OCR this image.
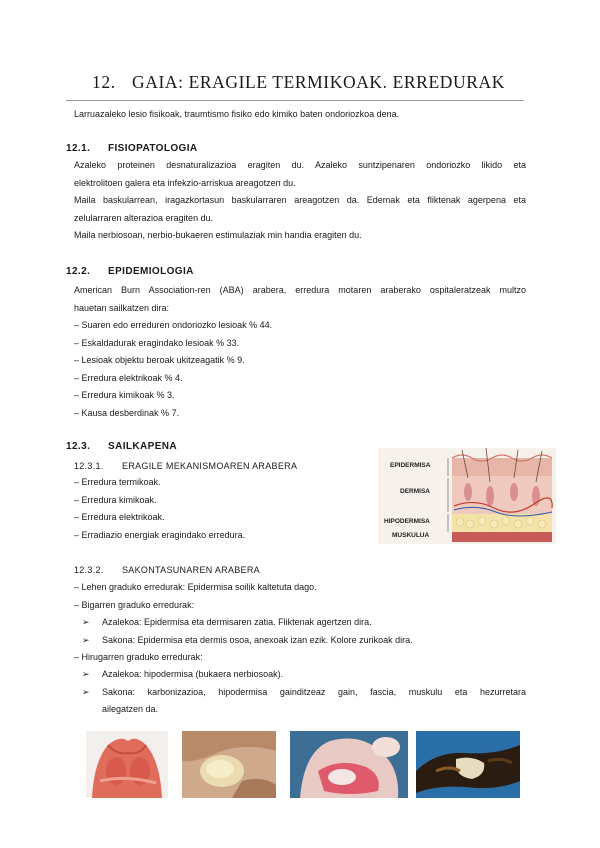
12. GAIA: ERAGILE TERMIKOAK. ERREDURAK
Larruazaleko lesio fisikoak, traumtismo fisiko edo kimiko baten ondoriozkoa dena.
12.1. FISIOPATOLOGIA

Azaleko proteinen desnaturalizazioa eragiten du. Azaleko suntzipenaren ondoriozko likido eta

elektrolitoen galera eta infekzio-arriskua areagotzen du.

Maila baskularrean, iragazkortasun baskularraren areagotzen da. Edemak eta fliktenak agerpena eta

zelularraren alterazioa eragiten du.

Maila nerbiosoan, nerbio-bukaeren estimulaziak min handia eragiten du.

12.2. EPIDEMIOLOGIA

American Burn Association-ren (ABA) arabera, erredura motaren araberako ospitaleratzeak multzo

hauetan sailkatzen dira:

– Suaren edo erreduren ondoriozko lesioak % 44.
– Eskaldadurak eragindako lesioak % 33.
– Lesioak objektu beroak ukitzeagatik % 9.
– Erredura elektrikoak % 4.
– Erredura kimikoak % 3.
– Kausa desberdinak % 7.
12.3. SAILKAPENA
12.3.1. ERAGILE MEKANISMOAREN ARABERA
– Erredura termikoak.
– Erredura kimikoak.
– Erredura elektrikoak.
– Erradiazio energiak eragindako erredura.
EPIDERMISA
DERMISA
HIPODERMISA
MUSKULUA
12.3.2. SAKONTASUNAREN ARABERA
– Lehen graduko erredurak: Epidermisa soilik kaltetuta dago.
– Bigarren graduko erredurak:
➢ Azalekoa: Epidermisa eta dermisaren zatia. Fliktenak agertzen dira.
➢ Sakona: Epidermisa eta dermis osoa, anexoak izan ezik. Kolore zurikoak dira.
– Hirugarren graduko erredurak:
➢ Azalekoa: hipodermisa (bukaera nerbiosoak).
➢ Sakona: karbonizazioa, hipodermisa gainditzeaz gain, fascia, muskulu eta hezurretara
ailegatzen da.
